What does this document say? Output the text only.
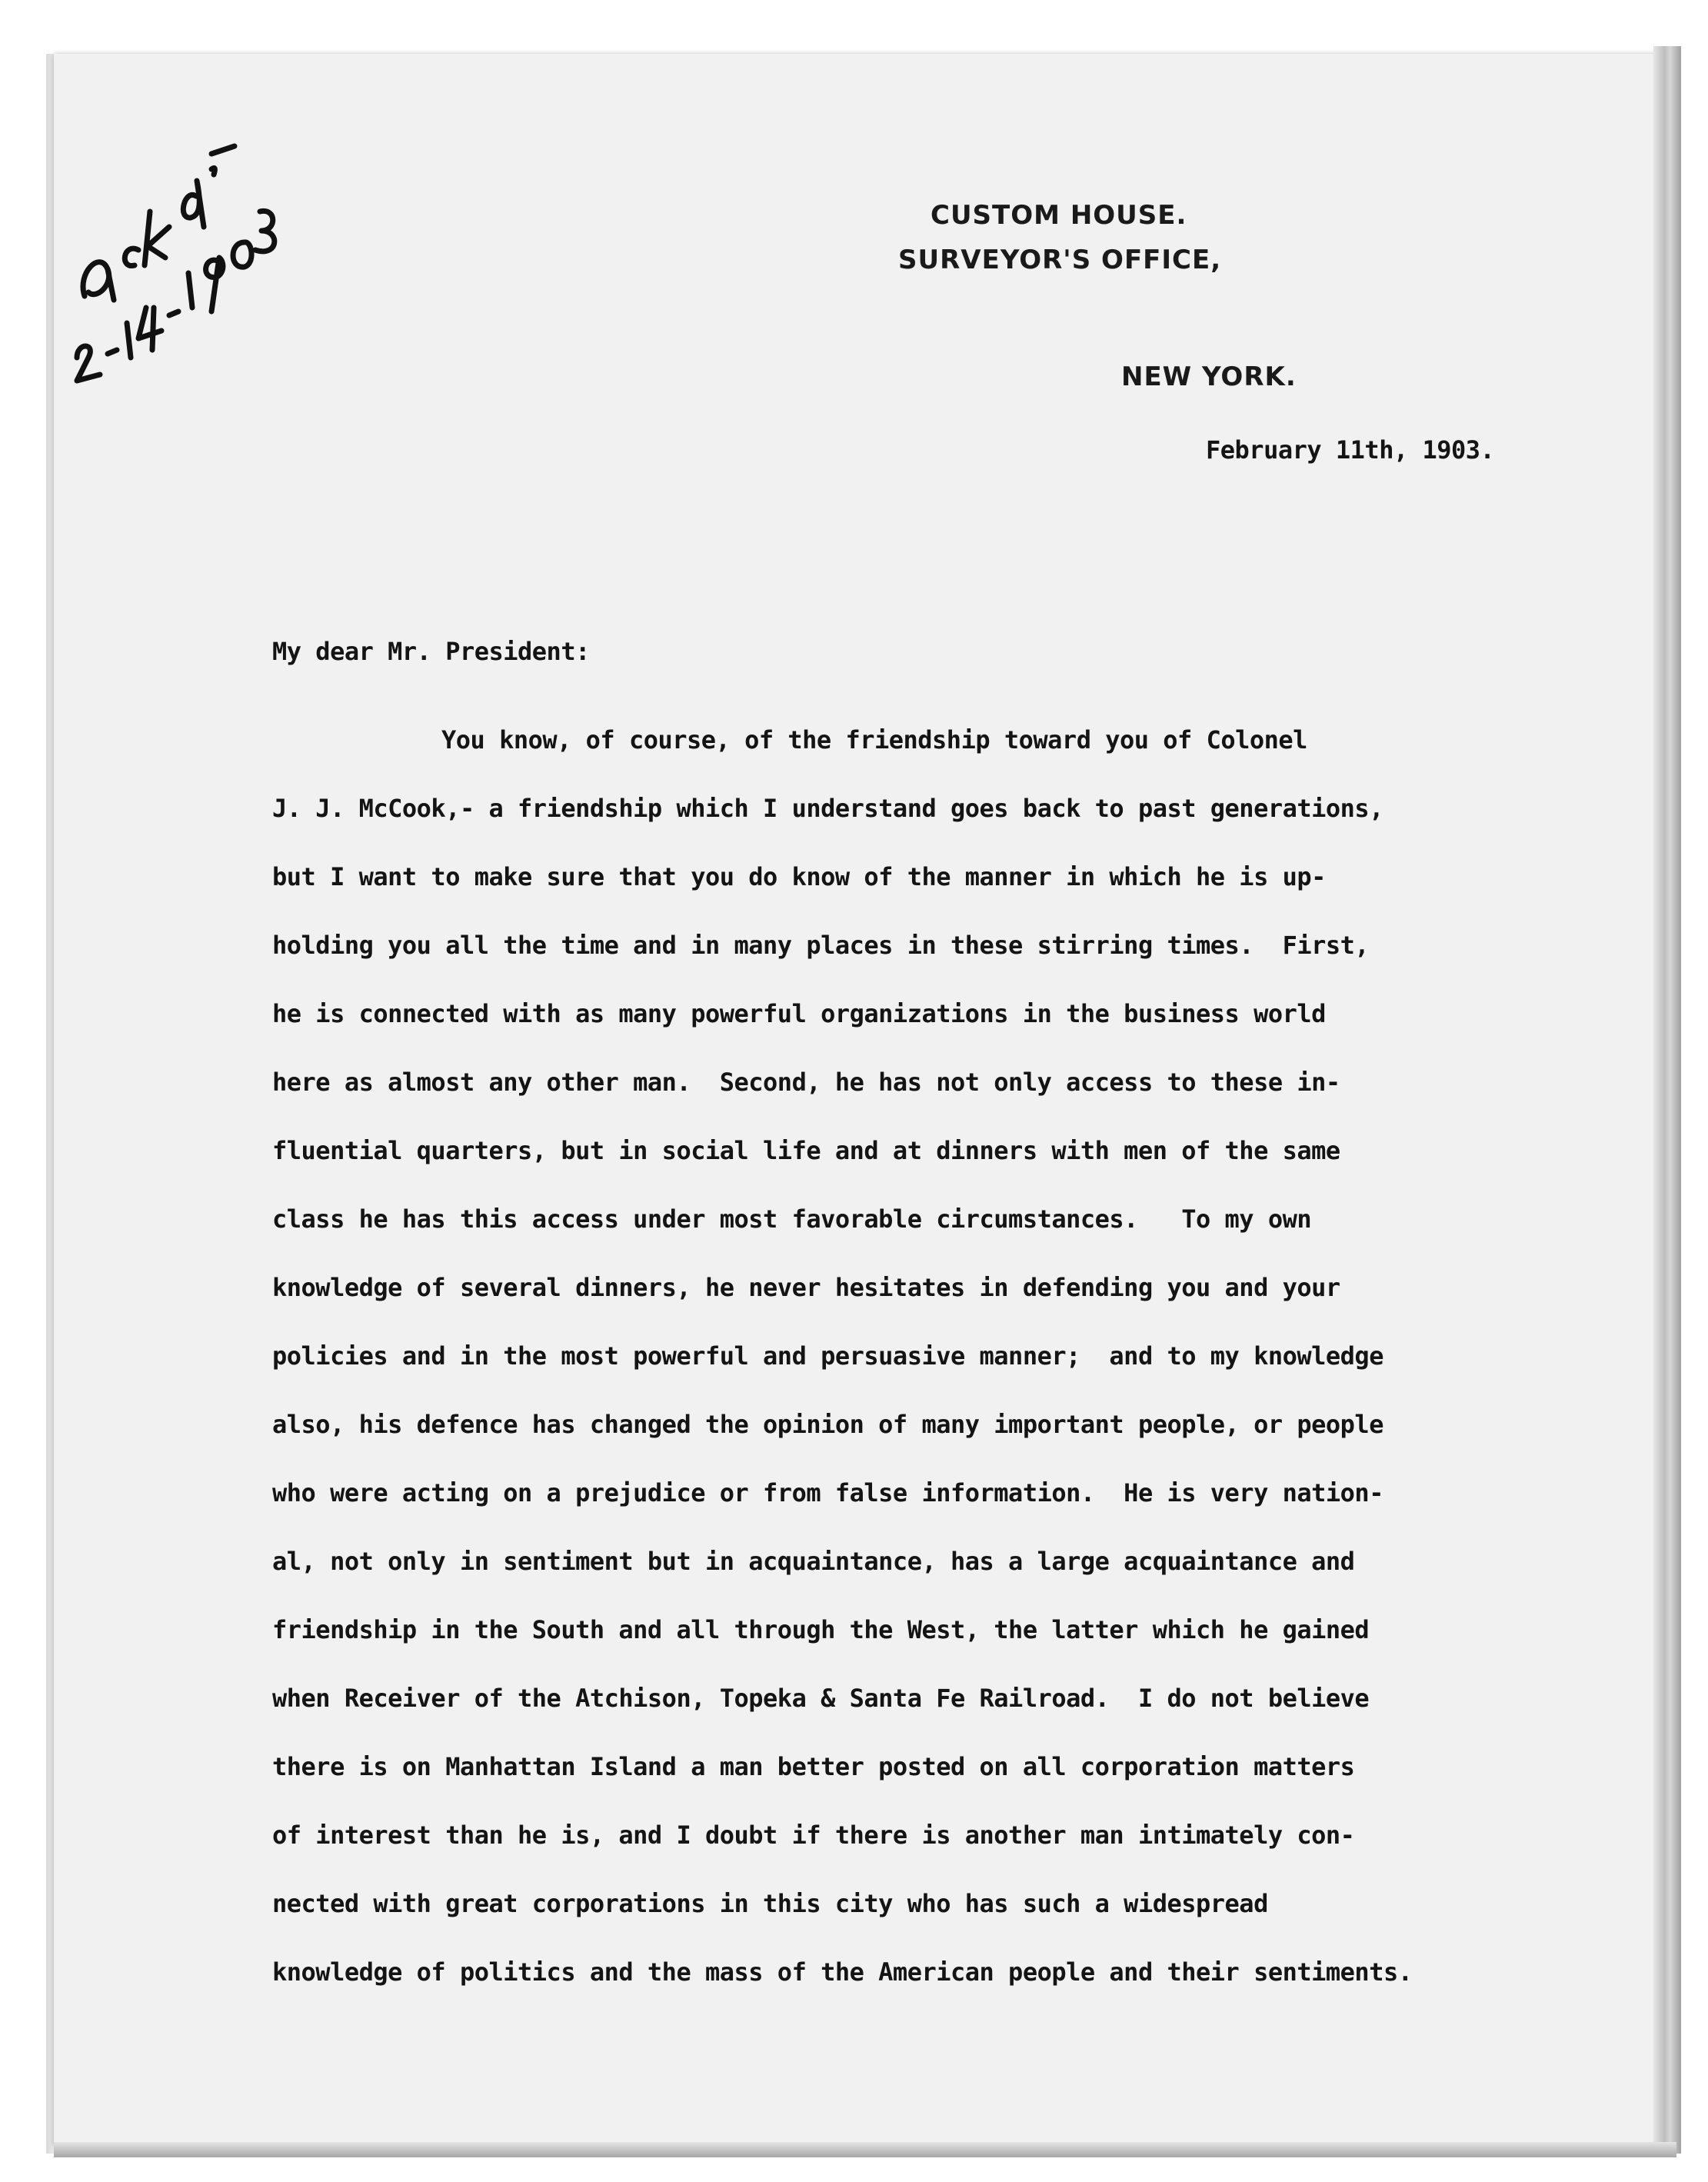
CUSTOM HOUSE.
SURVEYOR'S OFFICE,
NEW YORK.
February 11th, 1903.
My dear Mr. President:
You know, of course, of the friendship toward you of Colonel
J. J. McCook,- a friendship which I understand goes back to past generations,
but I want to make sure that you do know of the manner in which he is up-
holding you all the time and in many places in these stirring times.  First,
he is connected with as many powerful organizations in the business world
here as almost any other man.  Second, he has not only access to these in-
fluential quarters, but in social life and at dinners with men of the same
class he has this access under most favorable circumstances.   To my own
knowledge of several dinners, he never hesitates in defending you and your
policies and in the most powerful and persuasive manner;  and to my knowledge
also, his defence has changed the opinion of many important people, or people
who were acting on a prejudice or from false information.  He is very nation-
al, not only in sentiment but in acquaintance, has a large acquaintance and
friendship in the South and all through the West, the latter which he gained
when Receiver of the Atchison, Topeka & Santa Fe Railroad.  I do not believe
there is on Manhattan Island a man better posted on all corporation matters
of interest than he is, and I doubt if there is another man intimately con-
nected with great corporations in this city who has such a widespread
knowledge of politics and the mass of the American people and their sentiments.
